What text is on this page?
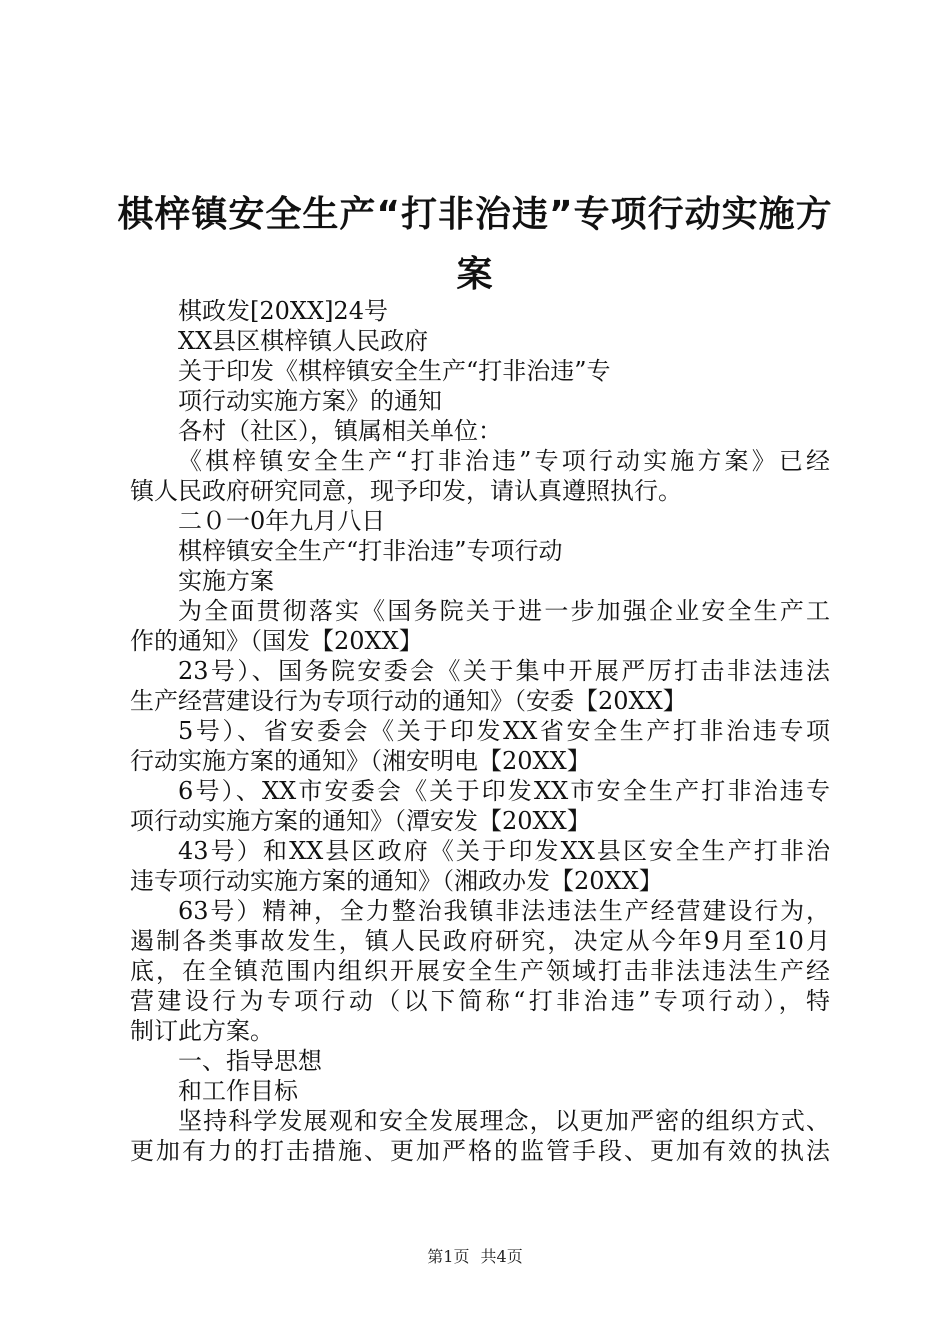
棋梓镇安全生产“打非治违”专项行动实施方
案

棋政发[20XX]24号

XX县区棋梓镇人民政府

关于印发《棋梓镇安全生产“打非治违”专

项行动实施方案》的通知

各村（社区），镇属相关单位：

《棋梓镇安全生产“打非治违”专项行动实施方案》已经

镇人民政府研究同意，现予印发，请认真遵照执行。

二０一0年九月八日

棋梓镇安全生产“打非治违”专项行动

实施方案

为全面贯彻落实《国务院关于进一步加强企业安全生产工

作的通知》（国发【20XX】

23号）、国务院安委会《关于集中开展严厉打击非法违法

生产经营建设行为专项行动的通知》（安委【20XX】

5号）、省安委会《关于印发XX省安全生产打非治违专项

行动实施方案的通知》（湘安明电【20XX】

6号）、XX市安委会《关于印发XX市安全生产打非治违专

项行动实施方案的通知》（潭安发【20XX】

43号）和XX县区政府《关于印发XX县区安全生产打非治

违专项行动实施方案的通知》（湘政办发【20XX】

63号）精神，全力整治我镇非法违法生产经营建设行为，

遏制各类事故发生，镇人民政府研究，决定从今年9月至10月

底，在全镇范围内组织开展安全生产领域打击非法违法生产经

营建设行为专项行动（以下简称“打非治违”专项行动），特

制订此方案。

一、指导思想

和工作目标

坚持科学发展观和安全发展理念，以更加严密的组织方式、

更加有力的打击措施、更加严格的监管手段、更加有效的执法

第1页 共4页
